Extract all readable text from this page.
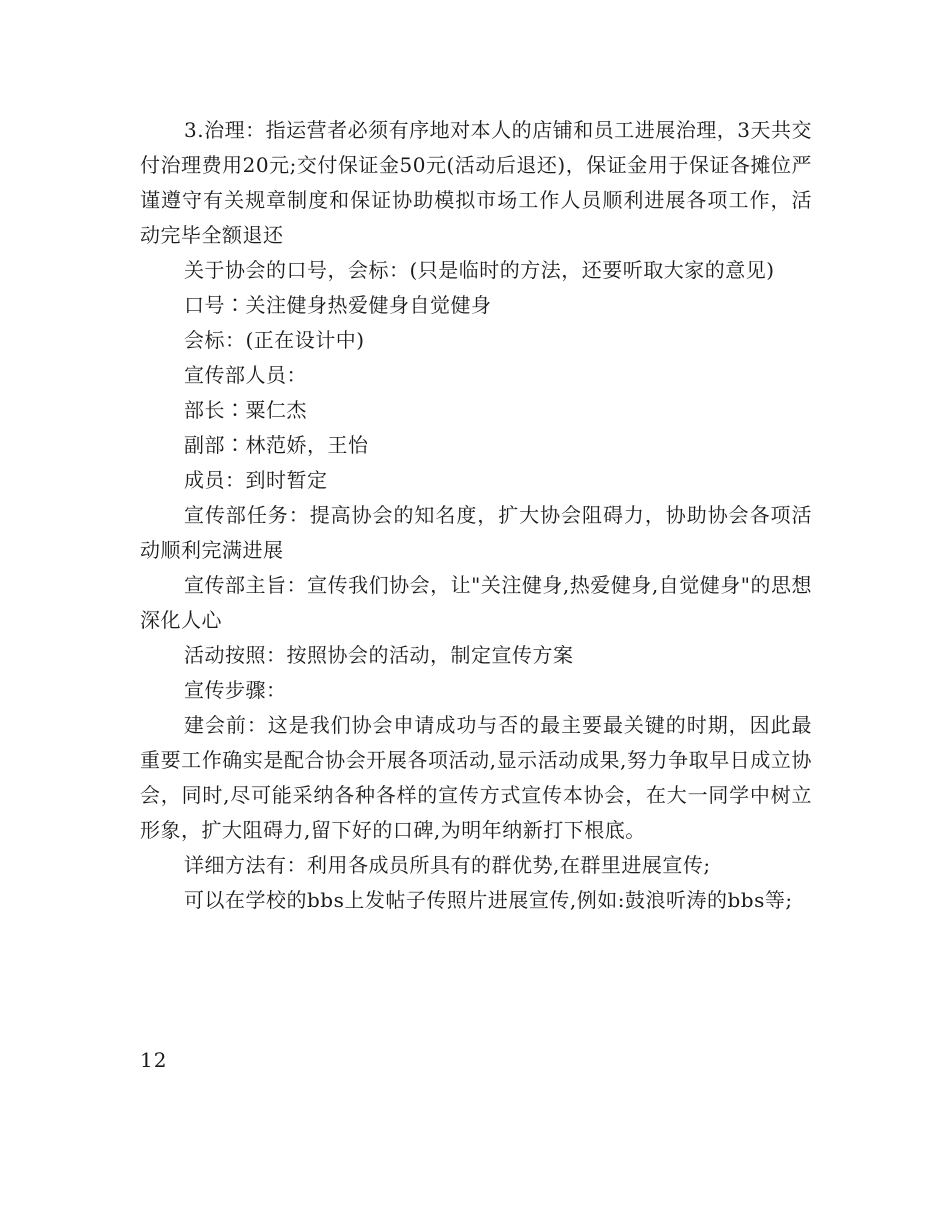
3.治理：指运营者必须有序地对本人的店铺和员工进展治理，3天共交付治理费用20元;交付保证金50元(活动后退还)，保证金用于保证各摊位严谨遵守有关规章制度和保证协助模拟市场工作人员顺利进展各项工作，活动完毕全额退还

关于协会的口号，会标：(只是临时的方法，还要听取大家的意见)

口号∶关注健身热爱健身自觉健身

会标：(正在设计中)

宣传部人员：

部长∶粟仁杰

副部∶林范娇，王怡

成员：到时暂定

宣传部任务：提高协会的知名度，扩大协会阻碍力，协助协会各项活动顺利完满进展

宣传部主旨：宣传我们协会，让"关注健身,热爱健身,自觉健身"的思想深化人心

活动按照：按照协会的活动，制定宣传方案

宣传步骤：

建会前：这是我们协会申请成功与否的最主要最关键的时期，因此最重要工作确实是配合协会开展各项活动,显示活动成果,努力争取早日成立协会，同时,尽可能采纳各种各样的宣传方式宣传本协会，在大一同学中树立形象，扩大阻碍力,留下好的口碑,为明年纳新打下根底。

详细方法有：利用各成员所具有的群优势,在群里进展宣传;

可以在学校的bbs上发帖子传照片进展宣传,例如:鼓浪听涛的bbs等;

12
